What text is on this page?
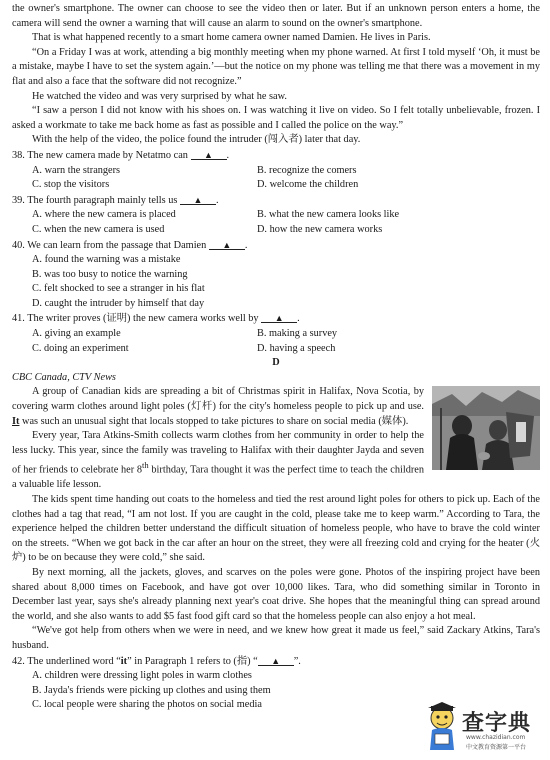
the owner's smartphone. The owner can choose to see the video then or later. But if an unknown person enters a home, the camera will send the owner a warning that will cause an alarm to sound on the owner's smartphone.

That is what happened recently to a smart home camera owner named Damien. He lives in Paris.

“On a Friday I was at work, attending a big monthly meeting when my phone warned. At first I told myself ‘Oh, it must be a mistake, maybe I have to set the system again.’—but the notice on my phone was telling me that there was a movement in my flat and also a face that the software did not recognize.”

He watched the video and was very surprised by what he saw.

“I saw a person I did not know with his shoes on. I was watching it live on video. So I felt totally unbelievable, frozen. I asked a workmate to take me back home as fast as possible and I called the police on the way.”

With the help of the video, the police found the intruder (闯入者) later that day.

38. The new camera made by Netatmo can ▲ .

A. warn the strangers	B. recognize the comers
C. stop the visitors	D. welcome the children

39. The fourth paragraph mainly tells us ▲ .

A. where the new camera is placed	B. what the new camera looks like
C. when the new camera is used	D. how the new camera works

40. We can learn from the passage that Damien ▲ .

A. found the warning was a mistake
B. was too busy to notice the warning
C. felt shocked to see a stranger in his flat
D. caught the intruder by himself that day

41. The writer proves (证明) the new camera works well by ▲ .

A. giving an example	B. making a survey
C. doing an experiment	D. having a speech

D

CBC Canada, CTV News

A group of Canadian kids are spreading a bit of Christmas spirit in Halifax, Nova Scotia, by covering warm clothes around light poles (灯杆) for the city's homeless people to pick up and use. It was such an unusual sight that locals stopped to take pictures to share on social media (媒体).

Every year, Tara Atkins-Smith collects warm clothes from her community in order to help the less lucky. This year, since the family was traveling to Halifax with their daughter Jayda and seven of her friends to celebrate her 8th birthday, Tara thought it was the perfect time to teach the children a valuable life lesson.

The kids spent time handing out coats to the homeless and tied the rest around light poles for others to pick up. Each of the clothes had a tag that read, “I am not lost. If you are caught in the cold, please take me to keep warm.” According to Tara, the experience helped the children better understand the difficult situation of homeless people, who have to brave the cold winter on the streets. “When we got back in the car after an hour on the street, they were all freezing cold and crying for the heater (火炉) to be on because they were cold,” she said.

By next morning, all the jackets, gloves, and scarves on the poles were gone. Photos of the inspiring project have been shared about 8,000 times on Facebook, and have got over 10,000 likes. Tara, who did something similar in Toronto in December last year, says she's already planning next year's coat drive. She hopes that the meaningful thing can spread around the world, and she also wants to add $5 fast food gift card so that the homeless people can also enjoy a hot meal.

“We've got help from others when we were in need, and we knew how great it made us feel,” said Zackary Atkins, Tara's husband.

42. The underlined word “it” in Paragraph 1 refers to (指) “ ▲ ”.

A. children were dressing light poles in warm clothes
B. Jayda's friends were picking up clothes and using them
C. local people were sharing the photos on social media
查字典
www.chazidian.com
中文教育资源第一平台
